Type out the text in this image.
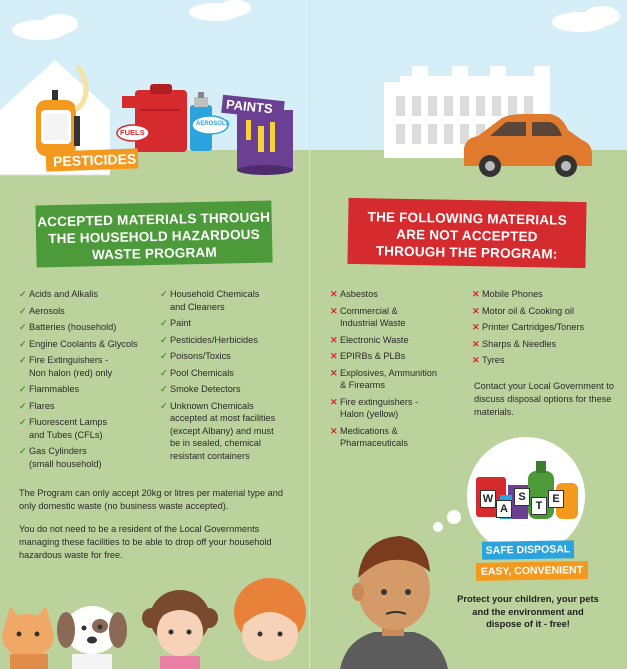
PESTICIDES
FUELS
AEROSOLS
PAINTS
ACCEPTED MATERIALS THROUGH
THE HOUSEHOLD HAZARDOUS
WASTE PROGRAM
✓ Acids and Alkalis
✓ Aerosols
✓ Batteries (household)
✓ Engine Coolants & Glycols
✓ Fire Extinguishers -
Non halon (red) only
✓ Flammables
✓ Flares
✓ Fluorescent Lamps
and Tubes (CFLs)
✓ Gas Cylinders
(small household)
✓ Household Chemicals
and Cleaners
✓ Paint
✓ Pesticides/Herbicides
✓ Poisons/Toxics
✓ Pool Chemicals
✓ Smoke Detectors
✓ Unknown Chemicals
accepted at most facilities
(except Albany) and must
be in sealed, chemical
resistant containers
The Program can only accept 20kg or litres per material type and only domestic waste (no business waste accepted).
You do not need to be a resident of the Local Governments managing these facilities to be able to drop off your household hazardous waste for free.
THE FOLLOWING MATERIALS
ARE NOT ACCEPTED
THROUGH THE PROGRAM:
✕ Asbestos
✕ Commercial &
Industrial Waste
✕ Electronic Waste
✕ EPIRBs & PLBs
✕ Explosives, Ammunition
& Firearms
✕ Fire extinguishers -
Halon (yellow)
✕ Medications &
Pharmaceuticals
✕ Mobile Phones
✕ Motor oil & Cooking oil
✕ Printer Cartridges/Toners
✕ Sharps & Needles
✕ Tyres
Contact your Local Government to discuss disposal options for these materials.
W
A
S
T
E
SAFE DISPOSAL
EASY, CONVENIENT
Protect your children, your pets and the environment and dispose of it - free!
